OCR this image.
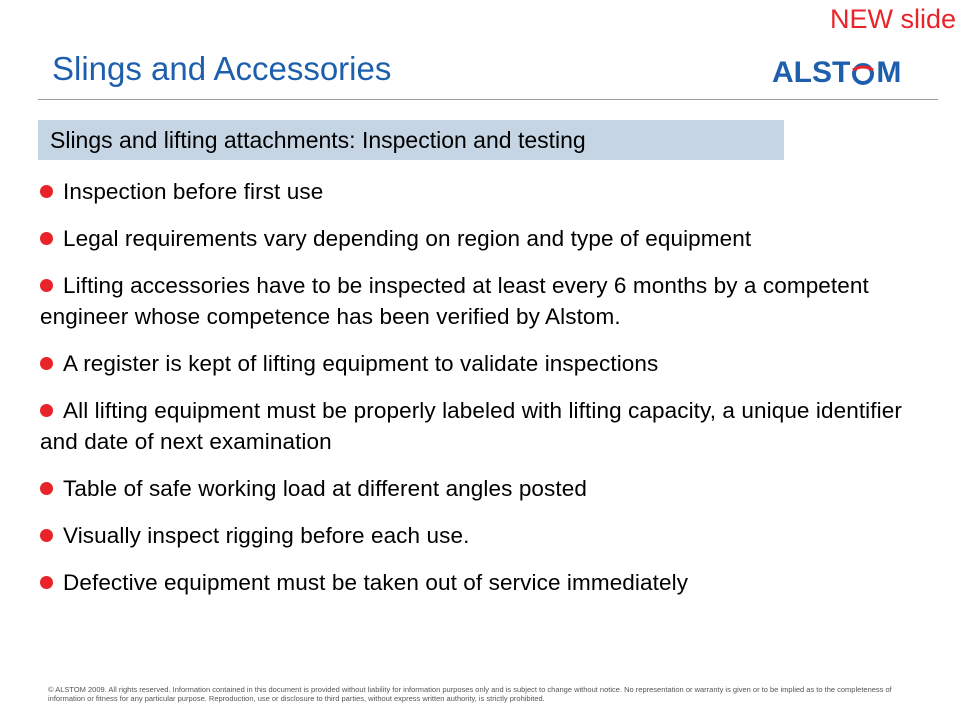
NEW slide
Slings and Accessories	ALST M
Slings and lifting attachments: Inspection and testing
Inspection before first use
Legal requirements vary depending on region and type of equipment
Lifting accessories have to be inspected at least every 6 months by a competent engineer whose competence has been verified by Alstom.
A register is kept of lifting equipment to validate inspections
All lifting equipment must be properly labeled with lifting capacity, a unique identifier and date of next examination
Table of safe working load at different angles posted
Visually inspect rigging before each use.
Defective equipment must be taken out of service immediately
© ALSTOM 2009. All rights reserved. Information contained in this document is provided without liability for information purposes only and is subject to change without notice. No representation or warranty is given or to be implied as to the completeness of information or fitness for any particular purpose. Reproduction, use or disclosure to third parties, without express written authority, is strictly prohibited.
